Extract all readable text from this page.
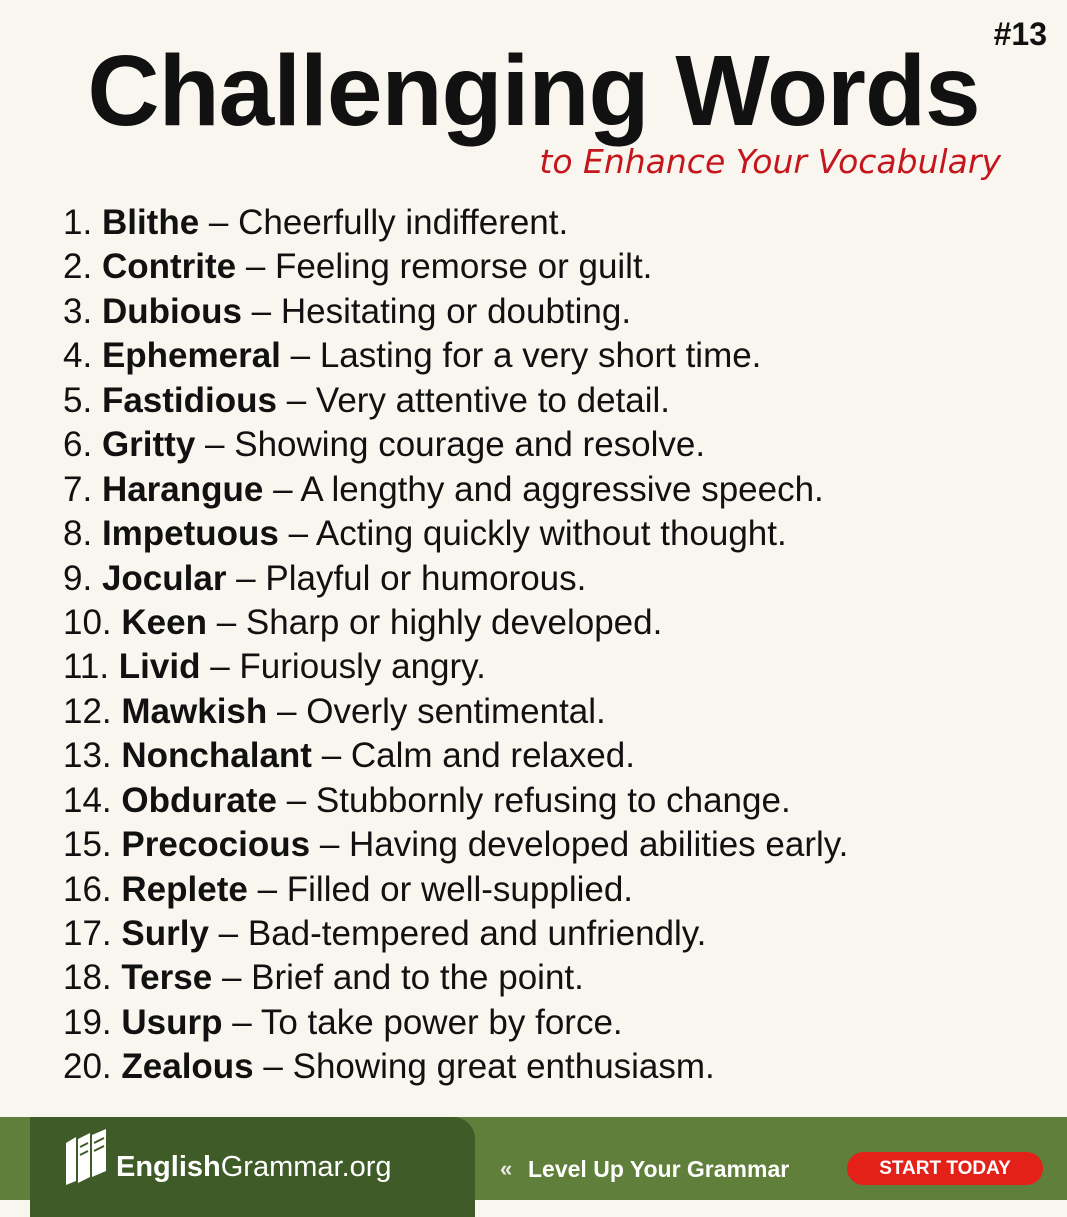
#13
Challenging Words
to Enhance Your Vocabulary
1. Blithe – Cheerfully indifferent.
2. Contrite – Feeling remorse or guilt.
3. Dubious – Hesitating or doubting.
4. Ephemeral – Lasting for a very short time.
5. Fastidious – Very attentive to detail.
6. Gritty – Showing courage and resolve.
7. Harangue – A lengthy and aggressive speech.
8. Impetuous – Acting quickly without thought.
9. Jocular – Playful or humorous.
10. Keen – Sharp or highly developed.
11. Livid – Furiously angry.
12. Mawkish – Overly sentimental.
13. Nonchalant – Calm and relaxed.
14. Obdurate – Stubbornly refusing to change.
15. Precocious – Having developed abilities early.
16. Replete – Filled or well-supplied.
17. Surly – Bad-tempered and unfriendly.
18. Terse – Brief and to the point.
19. Usurp – To take power by force.
20. Zealous – Showing great enthusiasm.
EnglishGrammar.org	« Level Up Your Grammar	START TODAY
